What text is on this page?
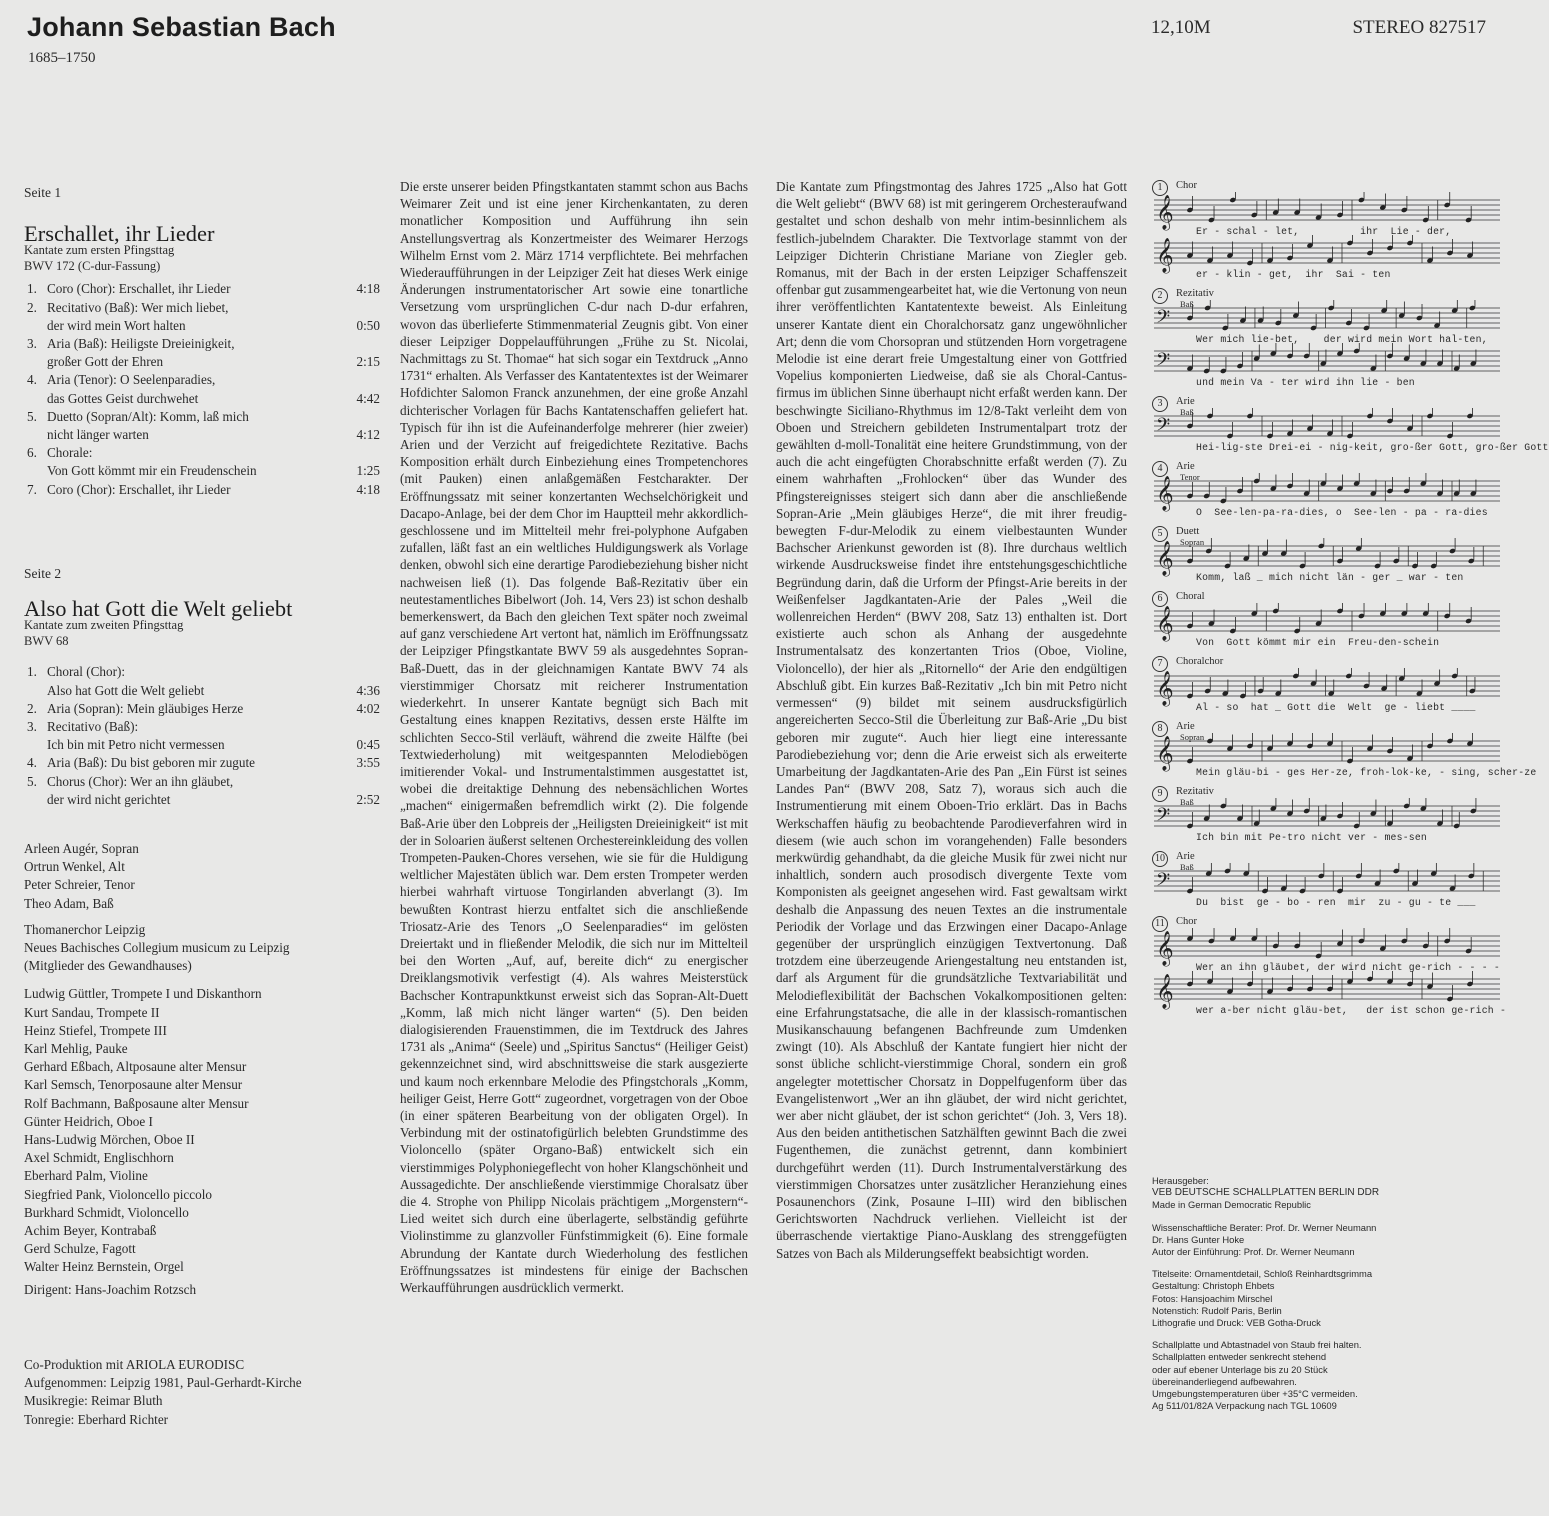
Johann Sebastian Bach
1685–1750
12,10M	STEREO 827517
Seite 1
Erschallet, ihr Lieder
Kantate zum ersten Pfingsttag
BWV 172 (C-dur-Fassung)
1. Coro (Chor): Erschallet, ihr Lieder	4:18
2. Recitativo (Baß): Wer mich liebet,
der wird mein Wort halten	0:50
3. Aria (Baß): Heiligste Dreieinigkeit,
großer Gott der Ehren	2:15
4. Aria (Tenor): O Seelenparadies,
das Gottes Geist durchwehet	4:42
5. Duetto (Sopran/Alt): Komm, laß mich
nicht länger warten	4:12
6. Chorale:
Von Gott kömmt mir ein Freudenschein	1:25
7. Coro (Chor): Erschallet, ihr Lieder	4:18
Seite 2
Also hat Gott die Welt geliebt
Kantate zum zweiten Pfingsttag
BWV 68
1. Choral (Chor):
Also hat Gott die Welt geliebt	4:36
2. Aria (Sopran): Mein gläubiges Herze	4:02
3. Recitativo (Baß):
Ich bin mit Petro nicht vermessen	0:45
4. Aria (Baß): Du bist geboren mir zugute	3:55
5. Chorus (Chor): Wer an ihn gläubet,
der wird nicht gerichtet	2:52
Arleen Augér, Sopran
Ortrun Wenkel, Alt
Peter Schreier, Tenor
Theo Adam, Baß
Thomanerchor Leipzig
Neues Bachisches Collegium musicum zu Leipzig
(Mitglieder des Gewandhauses)
Ludwig Güttler, Trompete I und Diskanthorn
Kurt Sandau, Trompete II
Heinz Stiefel, Trompete III
Karl Mehlig, Pauke
Gerhard Eßbach, Altposaune alter Mensur
Karl Semsch, Tenorposaune alter Mensur
Rolf Bachmann, Baßposaune alter Mensur
Günter Heidrich, Oboe I
Hans-Ludwig Mörchen, Oboe II
Axel Schmidt, Englischhorn
Eberhard Palm, Violine
Siegfried Pank, Violoncello piccolo
Burkhard Schmidt, Violoncello
Achim Beyer, Kontrabaß
Gerd Schulze, Fagott
Walter Heinz Bernstein, Orgel
Dirigent: Hans-Joachim Rotzsch
Co-Produktion mit ARIOLA EURODISC
Aufgenommen: Leipzig 1981, Paul-Gerhardt-Kirche
Musikregie: Reimar Bluth
Tonregie: Eberhard Richter

Die erste unserer beiden Pfingstkantaten stammt schon aus Bachs Weimarer Zeit und ist eine jener Kirchenkantaten, zu deren monatlicher Komposition und Aufführung ihn sein Anstellungsvertrag als Konzertmeister des Weimarer Herzogs Wilhelm Ernst vom 2. März 1714 verpflichtete. Bei mehrfachen Wiederaufführungen in der Leipziger Zeit hat dieses Werk einige Änderungen instrumentatorischer Art sowie eine tonartliche Versetzung vom ursprünglichen C-dur nach D-dur erfahren, wovon das überlieferte Stimmenmaterial Zeugnis gibt. Von einer dieser Leipziger Doppelaufführungen „Frühe zu St. Nicolai, Nachmittags zu St. Thomae“ hat sich sogar ein Textdruck „Anno 1731“ erhalten. Als Verfasser des Kantatentextes ist der Weimarer Hofdichter Salomon Franck anzunehmen, der eine große Anzahl dichterischer Vorlagen für Bachs Kantatenschaffen geliefert hat. Typisch für ihn ist die Aufeinanderfolge mehrerer (hier zweier) Arien und der Verzicht auf freigedichtete Rezitative. Bachs Komposition erhält durch Einbeziehung eines Trompetenchores (mit Pauken) einen anlaßgemäßen Festcharakter. Der Eröffnungssatz mit seiner konzertanten Wechselchörigkeit und Dacapo-Anlage, bei der dem Chor im Hauptteil mehr akkordlich-geschlossene und im Mittelteil mehr frei-polyphone Aufgaben zufallen, läßt fast an ein weltliches Huldigungswerk als Vorlage denken, obwohl sich eine derartige Parodiebeziehung bisher nicht nachweisen ließ (1). Das folgende Baß-Rezitativ über ein neutestamentliches Bibelwort (Joh. 14, Vers 23) ist schon deshalb bemerkenswert, da Bach den gleichen Text später noch zweimal auf ganz verschiedene Art vertont hat, nämlich im Eröffnungssatz der Leipziger Pfingstkantate BWV 59 als ausgedehntes Sopran-Baß-Duett, das in der gleichnamigen Kantate BWV 74 als vierstimmiger Chorsatz mit reicherer Instrumentation wiederkehrt. In unserer Kantate begnügt sich Bach mit Gestaltung eines knappen Rezitativs, dessen erste Hälfte im schlichten Secco-Stil verläuft, während die zweite Hälfte (bei Textwiederholung) mit weitgespannten Melodiebögen imitierender Vokal- und Instrumentalstimmen ausgestattet ist, wobei die dreitaktige Dehnung des nebensächlichen Wortes „machen“ einigermaßen befremdlich wirkt (2). Die folgende Baß-Arie über den Lobpreis der „Heiligsten Dreieinigkeit“ ist mit der in Soloarien äußerst seltenen Orchestereinkleidung des vollen Trompeten-Pauken-Chores versehen, wie sie für die Huldigung weltlicher Majestäten üblich war. Dem ersten Trompeter werden hierbei wahrhaft virtuose Tongirlanden abverlangt (3). Im bewußten Kontrast hierzu entfaltet sich die anschließende Triosatz-Arie des Tenors „O Seelenparadies“ im gelösten Dreiertakt und in fließender Melodik, die sich nur im Mittelteil bei den Worten „Auf, auf, bereite dich“ zu energischer Dreiklangsmotivik verfestigt (4). Als wahres Meisterstück Bachscher Kontrapunktkunst erweist sich das Sopran-Alt-Duett „Komm, laß mich nicht länger warten“ (5). Den beiden dialogisierenden Frauenstimmen, die im Textdruck des Jahres 1731 als „Anima“ (Seele) und „Spiritus Sanctus“ (Heiliger Geist) gekennzeichnet sind, wird abschnittsweise die stark ausgezierte und kaum noch erkennbare Melodie des Pfingstchorals „Komm, heiliger Geist, Herre Gott“ zugeordnet, vorgetragen von der Oboe (in einer späteren Bearbeitung von der obligaten Orgel). In Verbindung mit der ostinatofigürlich belebten Grundstimme des Violoncello (später Organo-Baß) entwickelt sich ein vierstimmiges Polyphoniegeflecht von hoher Klangschönheit und Aussagedichte. Der anschließende vierstimmige Choralsatz über die 4. Strophe von Philipp Nicolais prächtigem „Morgenstern“-Lied weitet sich durch eine überlagerte, selbständig geführte Violinstimme zu glanzvoller Fünfstimmigkeit (6). Eine formale Abrundung der Kantate durch Wiederholung des festlichen Eröffnungssatzes ist mindestens für einige der Bachschen Werkaufführungen ausdrücklich vermerkt.

Die Kantate zum Pfingstmontag des Jahres 1725 „Also hat Gott die Welt geliebt“ (BWV 68) ist mit geringerem Orchesteraufwand gestaltet und schon deshalb von mehr intim-besinnlichem als festlich-jubelndem Charakter. Die Textvorlage stammt von der Leipziger Dichterin Christiane Mariane von Ziegler geb. Romanus, mit der Bach in der ersten Leipziger Schaffenszeit offenbar gut zusammengearbeitet hat, wie die Vertonung von neun ihrer veröffentlichten Kantatentexte beweist. Als Einleitung unserer Kantate dient ein Choralchorsatz ganz ungewöhnlicher Art; denn die vom Chorsopran und stützenden Horn vorgetragene Melodie ist eine derart freie Umgestaltung einer von Gottfried Vopelius komponierten Liedweise, daß sie als Choral-Cantus-firmus im üblichen Sinne überhaupt nicht erfaßt werden kann. Der beschwingte Siciliano-Rhythmus im 12/8-Takt verleiht dem von Oboen und Streichern gebildeten Instrumentalpart trotz der gewählten d-moll-Tonalität eine heitere Grundstimmung, von der auch die acht eingefügten Chorabschnitte erfaßt werden (7). Zu einem wahrhaften „Frohlocken“ über das Wunder des Pfingstereignisses steigert sich dann aber die anschließende Sopran-Arie „Mein gläubiges Herze“, die mit ihrer freudig-bewegten F-dur-Melodik zu einem vielbestaunten Wunder Bachscher Arienkunst geworden ist (8). Ihre durchaus weltlich wirkende Ausdrucksweise findet ihre entstehungsgeschichtliche Begründung darin, daß die Urform der Pfingst-Arie bereits in der Weißenfelser Jagdkantaten-Arie der Pales „Weil die wollenreichen Herden“ (BWV 208, Satz 13) enthalten ist. Dort existierte auch schon als Anhang der ausgedehnte Instrumentalsatz des konzertanten Trios (Oboe, Violine, Violoncello), der hier als „Ritornello“ der Arie den endgültigen Abschluß gibt. Ein kurzes Baß-Rezitativ „Ich bin mit Petro nicht vermessen“ (9) bildet mit seinem ausdrucksfigürlich angereicherten Secco-Stil die Überleitung zur Baß-Arie „Du bist geboren mir zugute“. Auch hier liegt eine interessante Parodiebeziehung vor; denn die Arie erweist sich als erweiterte Umarbeitung der Jagdkantaten-Arie des Pan „Ein Fürst ist seines Landes Pan“ (BWV 208, Satz 7), woraus sich auch die Instrumentierung mit einem Oboen-Trio erklärt. Das in Bachs Werkschaffen häufig zu beobachtende Parodieverfahren wird in diesem (wie auch schon im vorangehenden) Falle besonders merkwürdig gehandhabt, da die gleiche Musik für zwei nicht nur inhaltlich, sondern auch prosodisch divergente Texte vom Komponisten als geeignet angesehen wird. Fast gewaltsam wirkt deshalb die Anpassung des neuen Textes an die instrumentale Periodik der Vorlage und das Erzwingen einer Dacapo-Anlage gegenüber der ursprünglich einzügigen Textvertonung. Daß trotzdem eine überzeugende Ariengestaltung neu entstanden ist, darf als Argument für die grundsätzliche Textvariabilität und Melodieflexibilität der Bachschen Vokalkompositionen gelten: eine Erfahrungstatsache, die alle in der klassisch-romantischen Musikanschauung befangenen Bachfreunde zum Umdenken zwingt (10). Als Abschluß der Kantate fungiert hier nicht der sonst übliche schlicht-vierstimmige Choral, sondern ein groß angelegter motettischer Chorsatz in Doppelfugenform über das Evangelistenwort „Wer an ihn gläubet, der wird nicht gerichtet, wer aber nicht gläubet, der ist schon gerichtet“ (Joh. 3, Vers 18). Aus den beiden antithetischen Satzhälften gewinnt Bach die zwei Fugenthemen, die zunächst getrennt, dann kombiniert durchgeführt werden (11). Durch Instrumentalverstärkung des vierstimmigen Chorsatzes unter zusätzlicher Heranziehung eines Posaunenchors (Zink, Posaune I–III) wird den biblischen Gerichtsworten Nachdruck verliehen. Vielleicht ist der überraschende viertaktige Piano-Ausklang des strenggefügten Satzes von Bach als Milderungseffekt beabsichtigt worden.

1	Chor
𝄞
Er - schal - let,          ihr  Lie - der,
𝄞
er - klin - get,  ihr  Sai - ten
2	Rezitativ
Baß
𝄢
Wer mich lie-bet,    der wird mein Wort hal-ten,
𝄢
und mein Va - ter wird ihn lie - ben
3	Arie
Baß
𝄢
Hei-lig-ste Drei-ei - nig-keit, gro-ßer Gott, gro-ßer Gott
4	Arie
Tenor
𝄞
O  See-len-pa-ra-dies, o  See-len - pa - ra-dies
5	Duett
Sopran
𝄞
Komm, laß _ mich nicht län - ger _ war - ten
6	Choral
𝄞
Von  Gott kömmt mir ein  Freu-den-schein
7	Choralchor
𝄞
Al - so  hat _ Gott die  Welt  ge - liebt ____
8	Arie
Sopran
𝄞
Mein gläu-bi - ges Her-ze, froh-lok-ke, - sing, scher-ze
9	Rezitativ
Baß
𝄢
Ich bin mit Pe-tro nicht ver - mes-sen
10 Arie
Baß
𝄢
Du  bist  ge - bo - ren  mir  zu - gu - te ___
11	Chor
𝄞
Wer an ihn gläubet, der wird nicht ge-rich - - - -
𝄞
wer a-ber nicht gläu-bet,   der ist schon ge-rich -
Herausgeber:
VEB DEUTSCHE SCHALLPLATTEN BERLIN DDR
Made in German Democratic Republic
Wissenschaftliche Berater: Prof. Dr. Werner Neumann
Dr. Hans Gunter Hoke
Autor der Einführung: Prof. Dr. Werner Neumann
Titelseite: Ornamentdetail, Schloß Reinhardtsgrimma
Gestaltung: Christoph Ehbets
Fotos: Hansjoachim Mirschel
Notenstich: Rudolf Paris, Berlin
Lithografie und Druck: VEB Gotha-Druck
Schallplatte und Abtastnadel von Staub frei halten.
Schallplatten entweder senkrecht stehend
oder auf ebener Unterlage bis zu 20 Stück
übereinanderliegend aufbewahren.
Umgebungstemperaturen über +35°C vermeiden.
Ag 511/01/82A Verpackung nach TGL 10609
